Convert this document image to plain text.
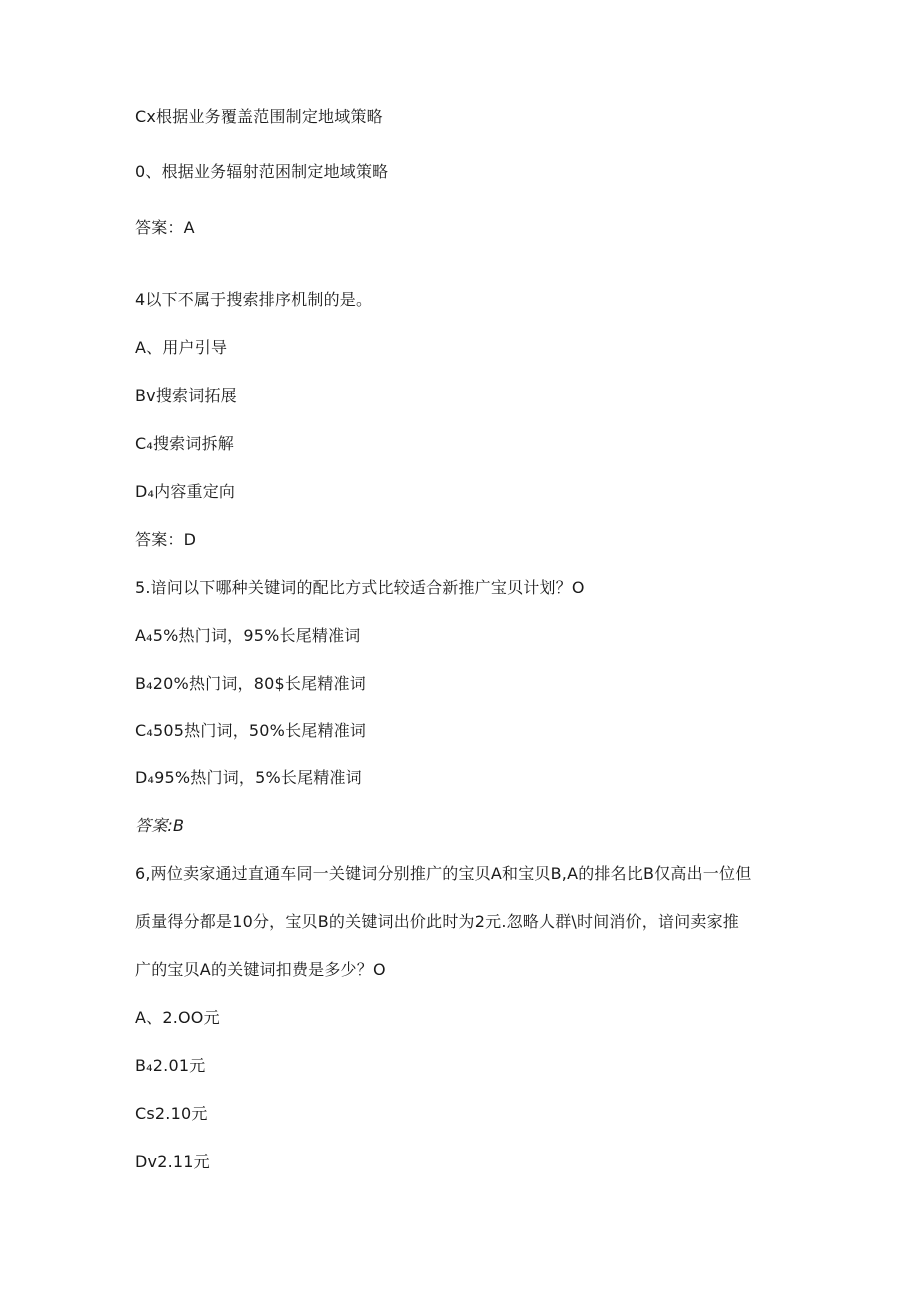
Cx根据业务覆盖范围制定地域策略
0、根据业务辐射范困制定地域策略
答案：A
4以下不属于搜索排序机制的是。
A、用户引导
Bv搜索词拓展
C₄搜索词拆解
D₄内容重定向
答案：D
5.谙问以下哪种关键词的配比方式比较适合新推广宝贝计划？O
A₄5%热门词，95%长尾精准词
B₄20%热门词，80$长尾精准词
C₄505热门词，50%长尾精准词
D₄95%热门词，5%长尾精准词
答案:B
6,两位卖家通过直通车同一关键词分别推广的宝贝A和宝贝B,A的排名比B仅高出一位但
质量得分都是10分，宝贝B的关键词出价此时为2元.忽略人群\时间消价，谙问卖家推
广的宝贝A的关键词扣费是多少？O
A、2.OO元
B₄2.01元
Cs2.10元
Dv2.11元
